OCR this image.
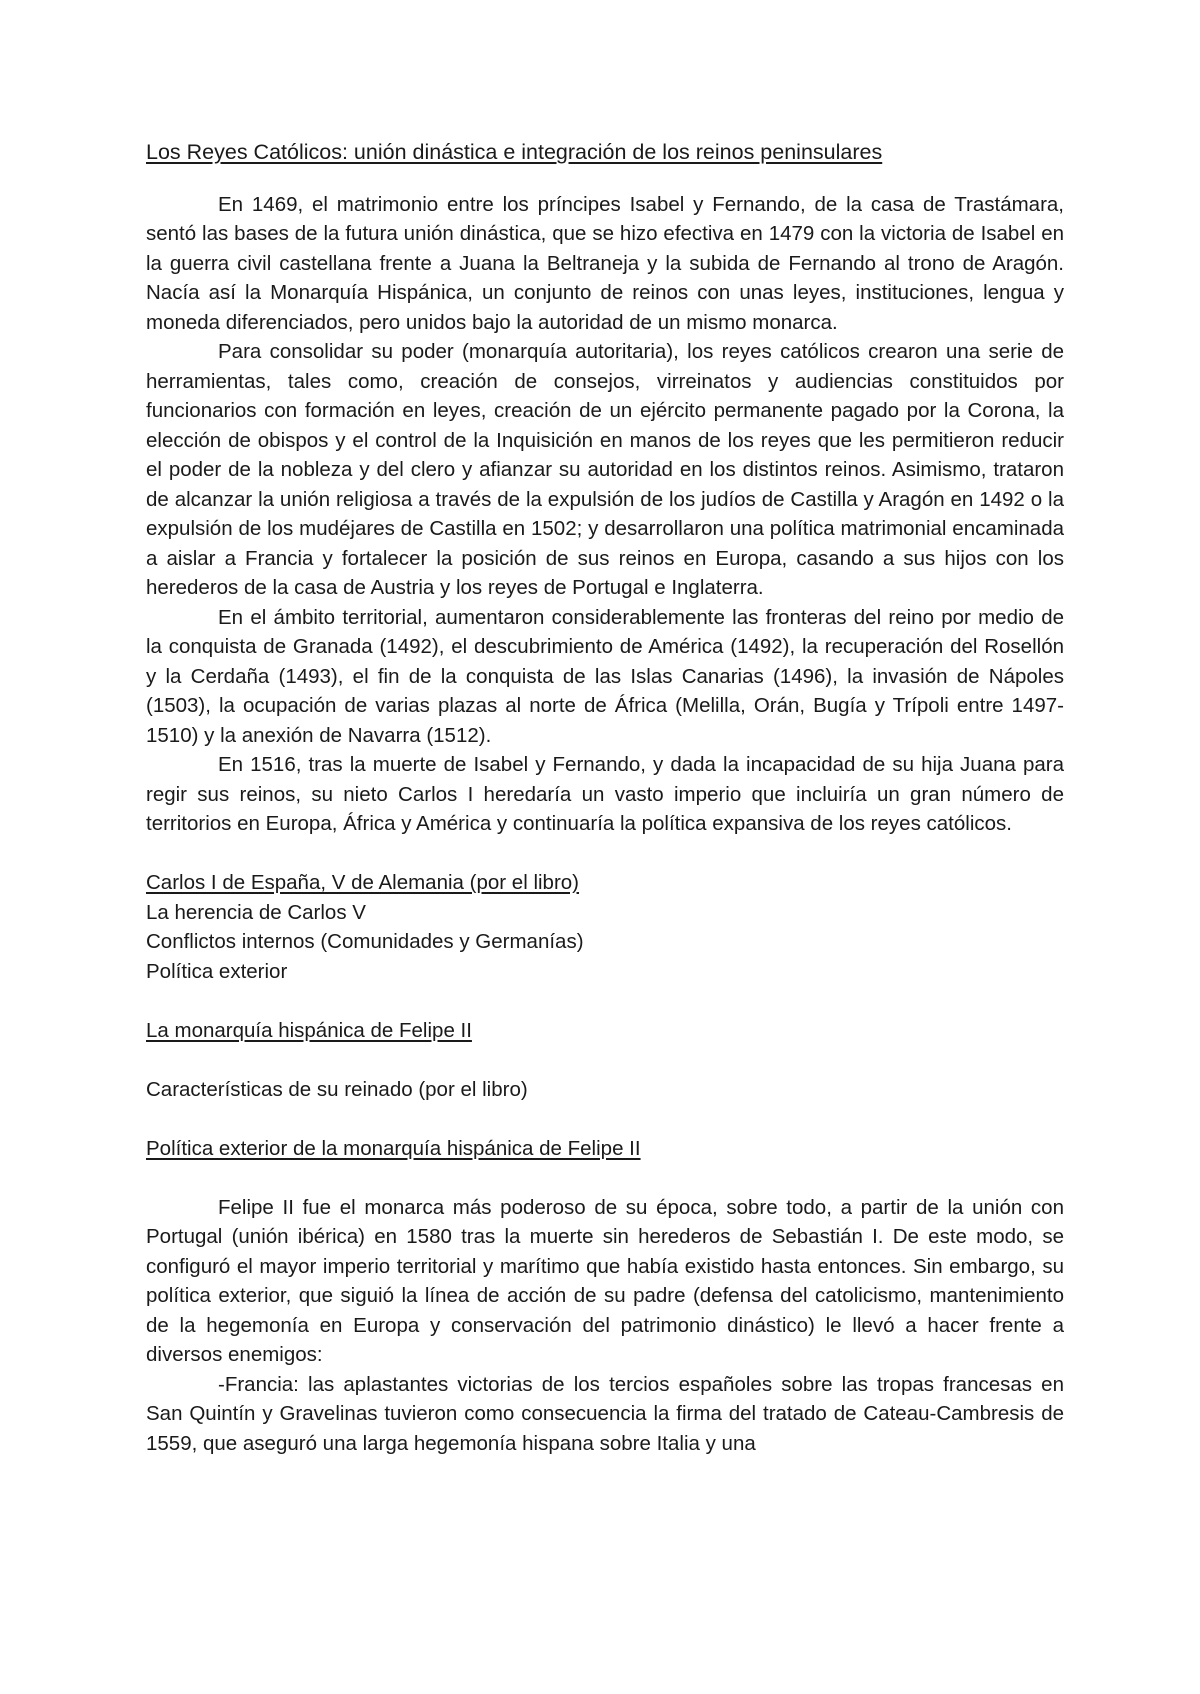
Los Reyes Católicos: unión dinástica e integración de los reinos peninsulares

En 1469, el matrimonio entre los príncipes Isabel y Fernando, de la casa de Trastámara, sentó las bases de la futura unión dinástica, que se hizo efectiva en 1479 con la victoria de Isabel en la guerra civil castellana frente a Juana la Beltraneja y la subida de Fernando al trono de Aragón. Nacía así la Monarquía Hispánica, un conjunto de reinos con unas leyes, instituciones, lengua y moneda diferenciados, pero unidos bajo la autoridad de un mismo monarca.

Para consolidar su poder (monarquía autoritaria), los reyes católicos crearon una serie de herramientas, tales como, creación de consejos, virreinatos y audiencias constituidos por funcionarios con formación en leyes, creación de un ejército permanente pagado por la Corona, la elección de obispos y el control de la Inquisición en manos de los reyes que les permitieron reducir el poder de la nobleza y del clero y afianzar su autoridad en los distintos reinos. Asimismo, trataron de alcanzar la unión religiosa a través de la expulsión de los judíos de Castilla y Aragón en 1492 o la expulsión de los mudéjares de Castilla en 1502; y desarrollaron una política matrimonial encaminada a aislar a Francia y fortalecer la posición de sus reinos en Europa, casando a sus hijos con los herederos de la casa de Austria y los reyes de Portugal e Inglaterra.

En el ámbito territorial, aumentaron considerablemente las fronteras del reino por medio de la conquista de Granada (1492), el descubrimiento de América (1492), la recuperación del Rosellón y la Cerdaña (1493), el fin de la conquista de las Islas Canarias (1496), la invasión de Nápoles (1503), la ocupación de varias plazas al norte de África (Melilla, Orán, Bugía y Trípoli entre 1497- 1510) y la anexión de Navarra (1512).

En 1516, tras la muerte de Isabel y Fernando, y dada la incapacidad de su hija Juana para regir sus reinos, su nieto Carlos I heredaría un vasto imperio que incluiría un gran número de territorios en Europa, África y América y continuaría la política expansiva de los reyes católicos.

Carlos I de España, V de Alemania (por el libro)

La herencia de Carlos V

Conflictos internos (Comunidades y Germanías)

Política exterior

La monarquía hispánica de Felipe II

Características de su reinado (por el libro)

Política exterior de la monarquía hispánica de Felipe II

Felipe II fue el monarca más poderoso de su época, sobre todo, a partir de la unión con Portugal (unión ibérica) en 1580 tras la muerte sin herederos de Sebastián I. De este modo, se configuró el mayor imperio territorial y marítimo que había existido hasta entonces. Sin embargo, su política exterior, que siguió la línea de acción de su padre (defensa del catolicismo, mantenimiento de la hegemonía en Europa y conservación del patrimonio dinástico) le llevó a hacer frente a diversos enemigos:

-Francia: las aplastantes victorias de los tercios españoles sobre las tropas francesas en San Quintín y Gravelinas tuvieron como consecuencia la firma del tratado de Cateau-Cambresis de 1559, que aseguró una larga hegemonía hispana sobre Italia y una
